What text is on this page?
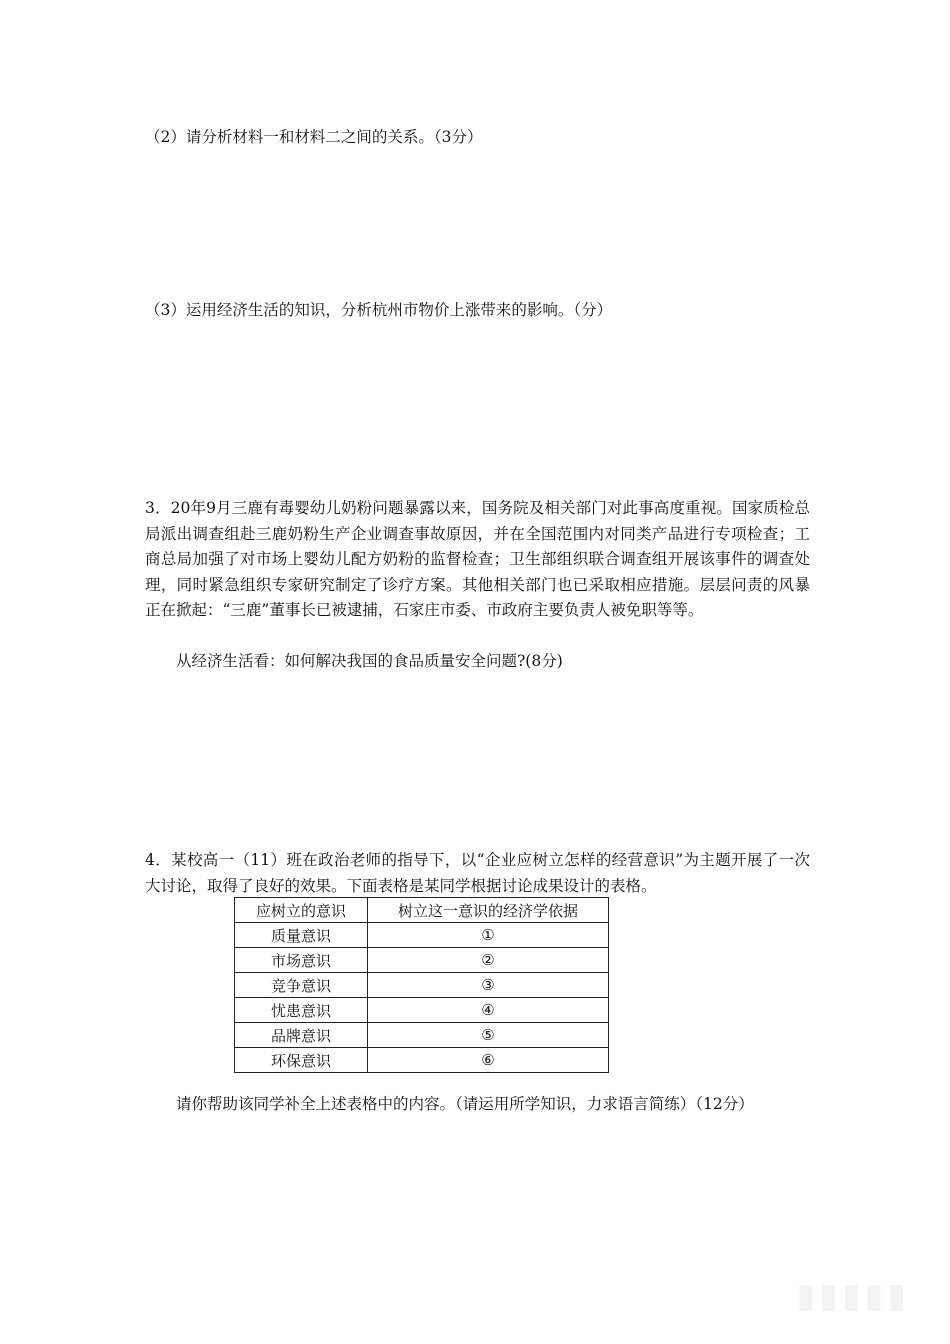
（2）请分析材料一和材料二之间的关系。（3分）

（3）运用经济生活的知识，分析杭州市物价上涨带来的影响。（分）

3．20年9月三鹿有毒婴幼儿奶粉问题暴露以来，国务院及相关部门对此事高度重视。国家质检总局派出调查组赴三鹿奶粉生产企业调查事故原因，并在全国范围内对同类产品进行专项检查；工商总局加强了对市场上婴幼儿配方奶粉的监督检查；卫生部组织联合调查组开展该事件的调查处理，同时紧急组织专家研究制定了诊疗方案。其他相关部门也已采取相应措施。层层问责的风暴正在掀起：“三鹿”董事长已被逮捕，石家庄市委、市政府主要负责人被免职等等。

从经济生活看：如何解决我国的食品质量安全问题?(8分)

4．某校高一（11）班在政治老师的指导下，以“企业应树立怎样的经营意识”为主题开展了一次大讨论，取得了良好的效果。下面表格是某同学根据讨论成果设计的表格。

应树立的意识	树立这一意识的经济学依据
质量意识	①
市场意识	②
竞争意识	③
忧患意识	④
品牌意识	⑤
环保意识	⑥

请你帮助该同学补全上述表格中的内容。（请运用所学知识，力求语言简练）（12分）

▮▮▮▮▮
